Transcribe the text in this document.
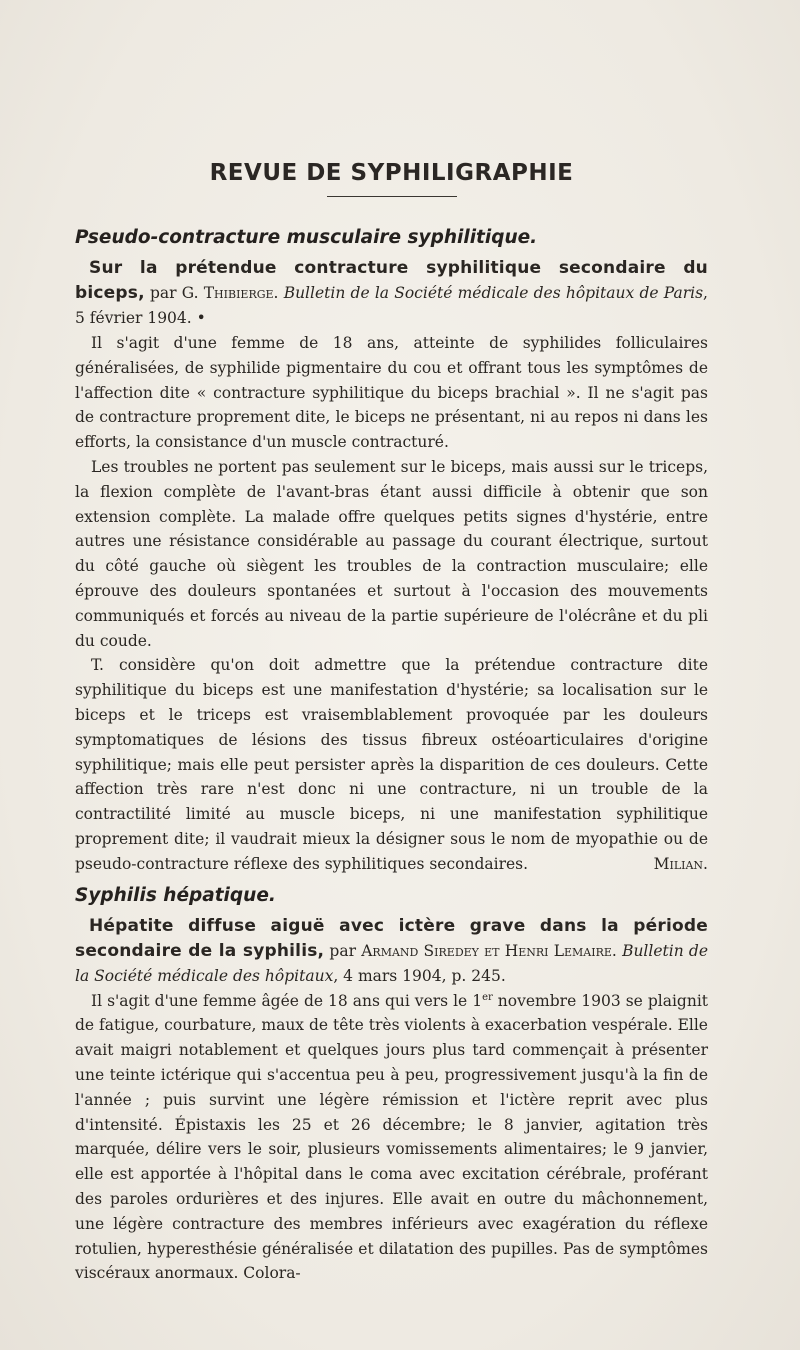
REVUE DE SYPHILIGRAPHIE
Pseudo-contracture musculaire syphilitique.

Sur la prétendue contracture syphilitique secondaire du biceps, par G. Thibierge. Bulletin de la Société médicale des hôpitaux de Paris, 5 février 1904. •

Il s'agit d'une femme de 18 ans, atteinte de syphilides folliculaires généralisées, de syphilide pigmentaire du cou et offrant tous les symptômes de l'affection dite « contracture syphilitique du biceps brachial ». Il ne s'agit pas de contracture proprement dite, le biceps ne présentant, ni au repos ni dans les efforts, la consistance d'un muscle contracturé.

Les troubles ne portent pas seulement sur le biceps, mais aussi sur le triceps, la flexion complète de l'avant-bras étant aussi difficile à obtenir que son extension complète. La malade offre quelques petits signes d'hystérie, entre autres une résistance considérable au passage du courant électrique, surtout du côté gauche où siègent les troubles de la contraction musculaire; elle éprouve des douleurs spontanées et surtout à l'occasion des mouvements communiqués et forcés au niveau de la partie supérieure de l'olécrâne et du pli du coude.

T. considère qu'on doit admettre que la prétendue contracture dite syphilitique du biceps est une manifestation d'hystérie; sa localisation sur le biceps et le triceps est vraisemblablement provoquée par les douleurs symptomatiques de lésions des tissus fibreux ostéoarticulaires d'origine syphilitique; mais elle peut persister après la disparition de ces douleurs. Cette affection très rare n'est donc ni une contracture, ni un trouble de la contractilité limité au muscle biceps, ni une manifestation syphilitique proprement dite; il vaudrait mieux la désigner sous le nom de myopathie ou de pseudo-contracture réflexe des syphilitiques secondaires.	Milian.

Syphilis hépatique.

Hépatite diffuse aiguë avec ictère grave dans la période secondaire de la syphilis, par Armand Siredey et Henri Lemaire. Bulletin de la Société médicale des hôpitaux, 4 mars 1904, p. 245.

Il s'agit d'une femme âgée de 18 ans qui vers le 1er novembre 1903 se plaignit de fatigue, courbature, maux de tête très violents à exacerbation vespérale. Elle avait maigri notablement et quelques jours plus tard commençait à présenter une teinte ictérique qui s'accentua peu à peu, progressivement jusqu'à la fin de l'année ; puis survint une légère rémission et l'ictère reprit avec plus d'intensité. Épistaxis les 25 et 26 décembre; le 8 janvier, agitation très marquée, délire vers le soir, plusieurs vomissements alimentaires; le 9 janvier, elle est apportée à l'hôpital dans le coma avec excitation cérébrale, proférant des paroles ordurières et des injures. Elle avait en outre du mâchonnement, une légère contracture des membres inférieurs avec exagération du réflexe rotulien, hyperesthésie généralisée et dilatation des pupilles. Pas de symptômes viscéraux anormaux. Colora-
